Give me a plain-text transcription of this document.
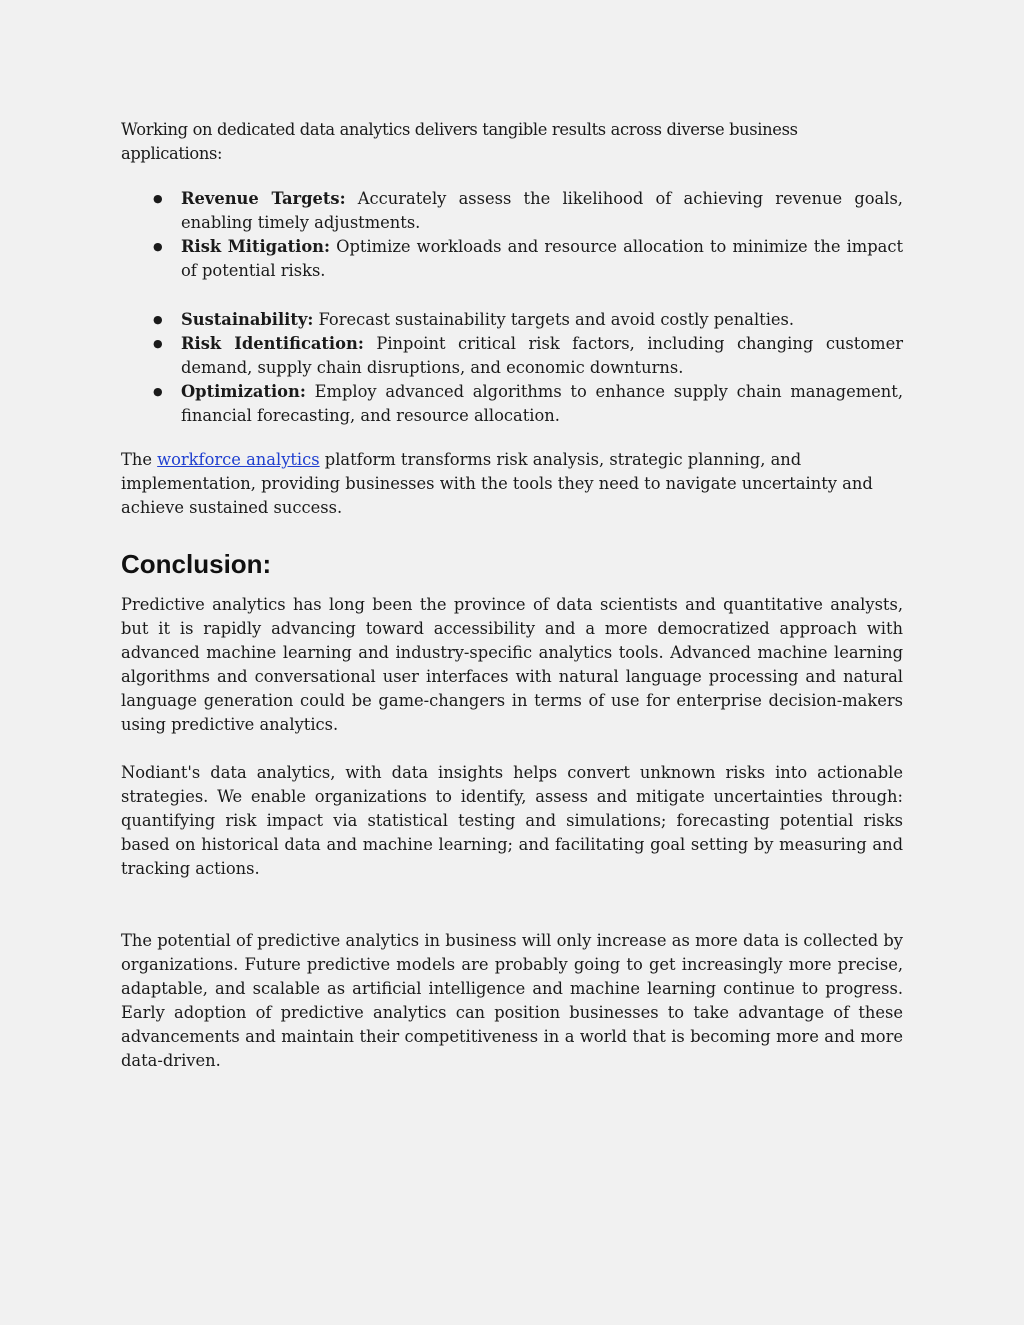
Working on dedicated data analytics delivers tangible results across diverse business applications:

● Revenue Targets: Accurately assess the likelihood of achieving revenue goals, enabling timely adjustments.
● Risk Mitigation: Optimize workloads and resource allocation to minimize the impact of potential risks.
● Sustainability: Forecast sustainability targets and avoid costly penalties.
● Risk Identification: Pinpoint critical risk factors, including changing customer demand, supply chain disruptions, and economic downturns.
● Optimization: Employ advanced algorithms to enhance supply chain management, financial forecasting, and resource allocation.

The workforce analytics platform transforms risk analysis, strategic planning, and implementation, providing businesses with the tools they need to navigate uncertainty and achieve sustained success.

Conclusion:

Predictive analytics has long been the province of data scientists and quantitative analysts, but it is rapidly advancing toward accessibility and a more democratized approach with advanced machine learning and industry-specific analytics tools. Advanced machine learning algorithms and conversational user interfaces with natural language processing and natural language generation could be game-changers in terms of use for enterprise decision-makers using predictive analytics.

Nodiant's data analytics, with data insights helps convert unknown risks into actionable strategies. We enable organizations to identify, assess and mitigate uncertainties through: quantifying risk impact via statistical testing and simulations; forecasting potential risks based on historical data and machine learning; and facilitating goal setting by measuring and tracking actions.

The potential of predictive analytics in business will only increase as more data is collected by organizations. Future predictive models are probably going to get increasingly more precise, adaptable, and scalable as artificial intelligence and machine learning continue to progress. Early adoption of predictive analytics can position businesses to take advantage of these advancements and maintain their competitiveness in a world that is becoming more and more data-driven.
